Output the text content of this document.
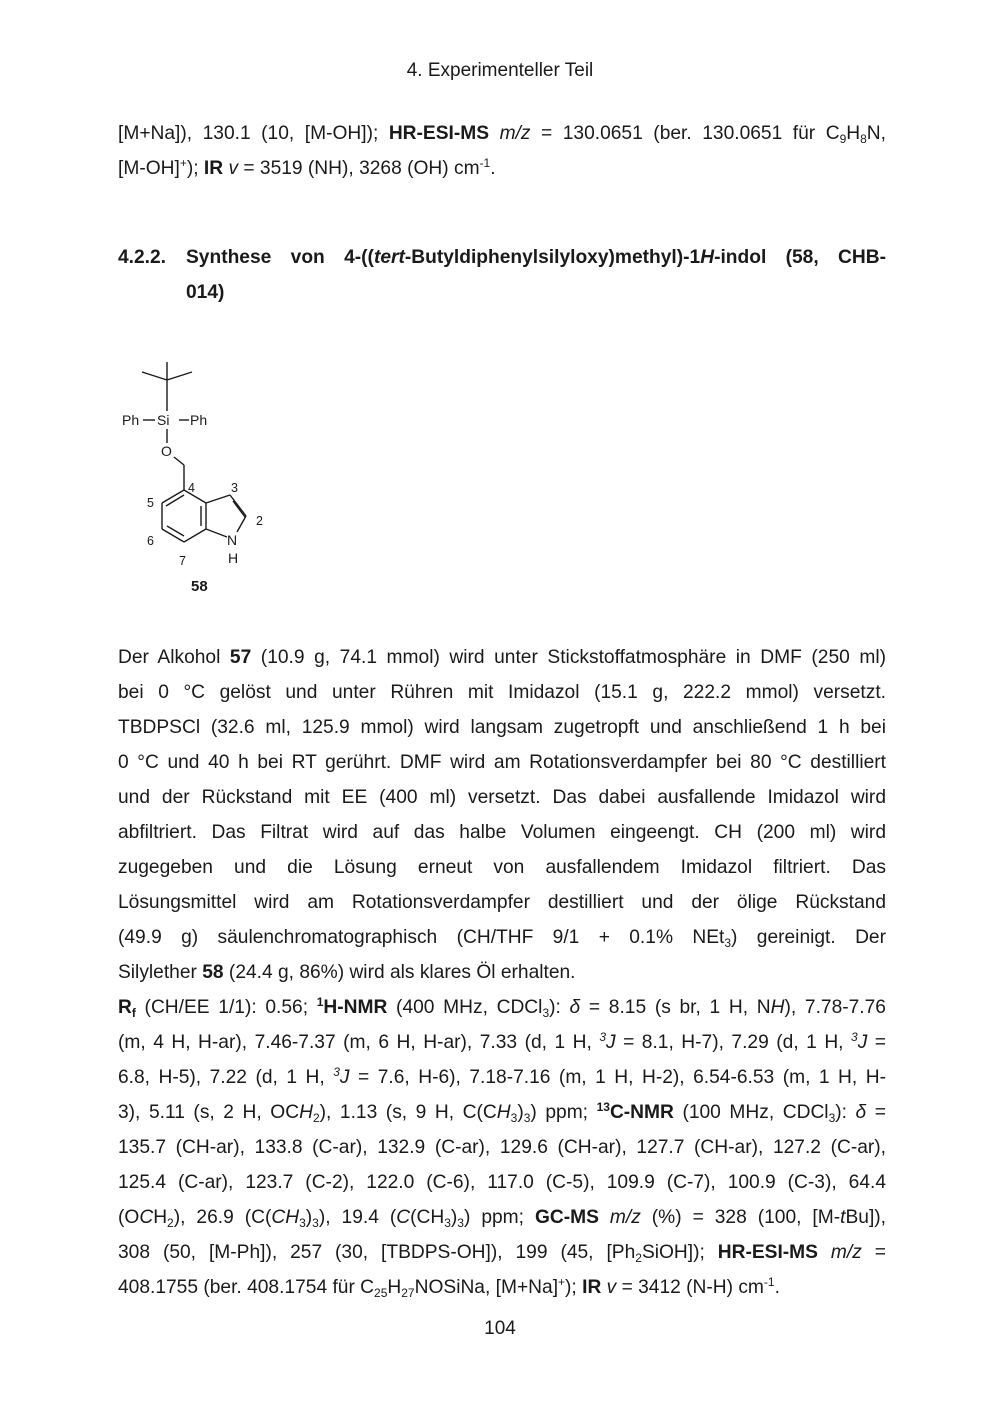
4. Experimenteller Teil
[M+Na]), 130.1 (10, [M-OH]); HR-ESI-MS m/z = 130.0651 (ber. 130.0651 für $C_9H_8N$,
[M-OH]+); IR v = 3519 (NH), 3268 (OH) $cm^{-1}$.
4.2.2. Synthese von 4-((tert-Butyldiphenylsilyloxy)methyl)-1H-indol (58, CHB-
014)
Ph Si Ph
O
N
H
2
3
4
5
6
7
58
Der Alkohol 57 (10.9 g, 74.1 mmol) wird unter Stickstoffatmosphäre in DMF (250 ml)
bei 0 °C gelöst und unter Rühren mit Imidazol (15.1 g, 222.2 mmol) versetzt.
TBDPSCl (32.6 ml, 125.9 mmol) wird langsam zugetropft und anschließend 1 h bei
0 °C und 40 h bei RT gerührt. DMF wird am Rotationsverdampfer bei 80 °C destilliert
und der Rückstand mit EE (400 ml) versetzt. Das dabei ausfallende Imidazol wird
abfiltriert. Das Filtrat wird auf das halbe Volumen eingeengt. CH (200 ml) wird
zugegeben und die Lösung erneut von ausfallendem Imidazol filtriert. Das
Lösungsmittel wird am Rotationsverdampfer destilliert und der ölige Rückstand
(49.9 g) säulenchromatographisch (CH/THF 9/1 + 0.1% NEt$_3$) gereinigt. Der
Silylether 58 (24.4 g, 86%) wird als klares Öl erhalten.
$R_f$ (CH/EE 1/1): 0.56; $^1$H-NMR (400 MHz, CDCl$_3$): δ = 8.15 (s br, 1 H, NH), 7.78-7.76
(m, 4 H, H-ar), 7.46-7.37 (m, 6 H, H-ar), 7.33 (d, 1 H, $^3$J = 8.1, H-7), 7.29 (d, 1 H, $^3$J =
6.8, H-5), 7.22 (d, 1 H, $^3$J = 7.6, H-6), 7.18-7.16 (m, 1 H, H-2), 6.54-6.53 (m, 1 H, H-
3), 5.11 (s, 2 H, $OCH_2$), 1.13 (s, 9 H, $C(CH_3)_3$) ppm; $^{13}$C-NMR (100 MHz, CDCl$_3$): δ =
135.7 (CH-ar), 133.8 (C-ar), 132.9 (C-ar), 129.6 (CH-ar), 127.7 (CH-ar), 127.2 (C-ar),
125.4 (C-ar), 123.7 (C-2), 122.0 (C-6), 117.0 (C-5), 109.9 (C-7), 100.9 (C-3), 64.4
$(OCH_2)$, 26.9 $(C(CH_3)_3)$, 19.4 $(C(CH_3)_3)$ ppm; GC-MS m/z (%) = 328 (100, [M-tBu]),
308 (50, [M-Ph]), 257 (30, [TBDPS-OH]), 199 (45, $[Ph_2SiOH]$); HR-ESI-MS m/z =
408.1755 (ber. 408.1754 für $C_{25}H_{27}NOSiNa$, [M+Na]+); IR v = 3412 (N-H) $cm^{-1}$.
104
